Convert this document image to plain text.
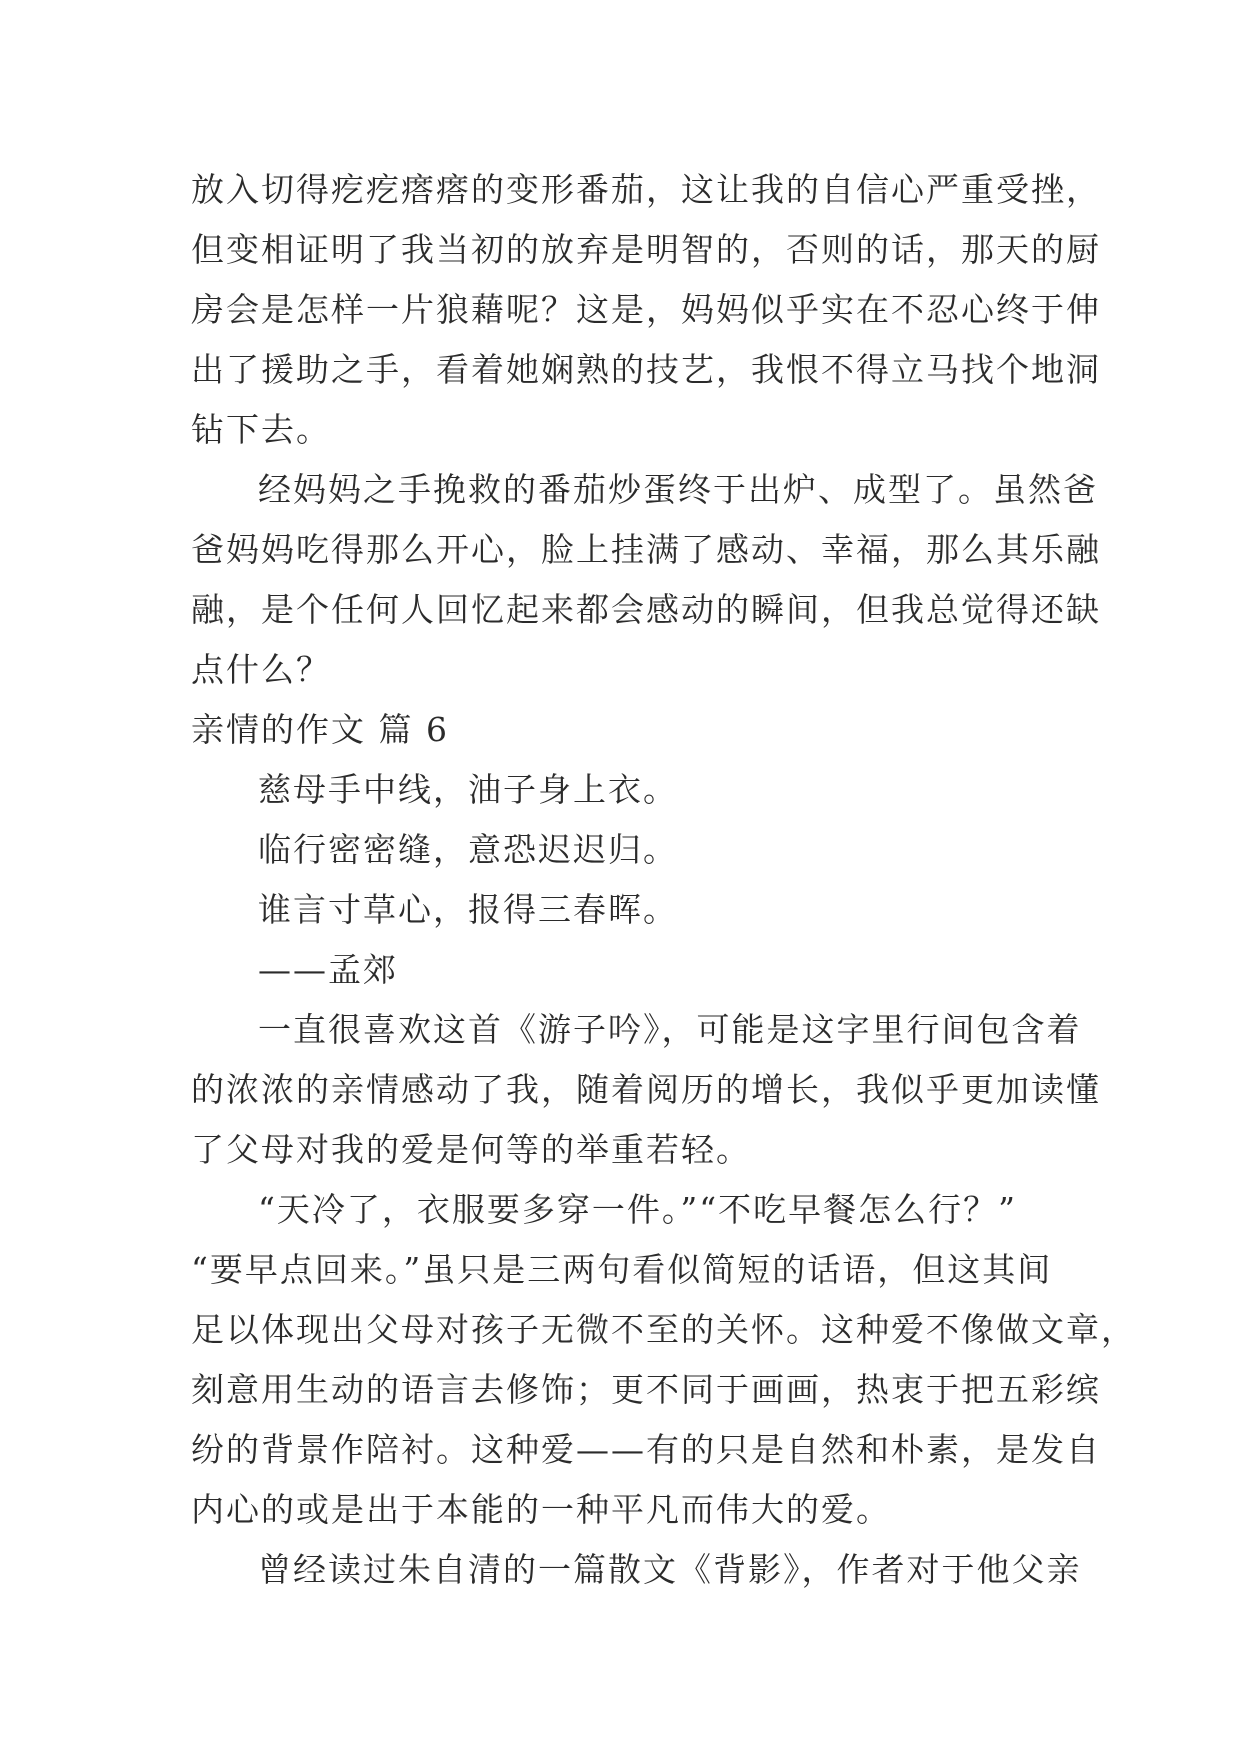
放入切得疙疙瘩瘩的变形番茄，这让我的自信心严重受挫，
但变相证明了我当初的放弃是明智的，否则的话，那天的厨
房会是怎样一片狼藉呢？这是，妈妈似乎实在不忍心终于伸
出了援助之手，看着她娴熟的技艺，我恨不得立马找个地洞
钻下去。
经妈妈之手挽救的番茄炒蛋终于出炉、成型了。虽然爸
爸妈妈吃得那么开心，脸上挂满了感动、幸福，那么其乐融
融，是个任何人回忆起来都会感动的瞬间，但我总觉得还缺
点什么？
亲情的作文 篇 6
慈母手中线，油子身上衣。
临行密密缝，意恐迟迟归。
谁言寸草心，报得三春晖。
——孟郊
一直很喜欢这首《游子吟》，可能是这字里行间包含着
的浓浓的亲情感动了我，随着阅历的增长，我似乎更加读懂
了父母对我的爱是何等的举重若轻。
“天冷了，衣服要多穿一件。”“不吃早餐怎么行？”
“要早点回来。”虽只是三两句看似简短的话语，但这其间
足以体现出父母对孩子无微不至的关怀。这种爱不像做文章，
刻意用生动的语言去修饰；更不同于画画，热衷于把五彩缤
纷的背景作陪衬。这种爱——有的只是自然和朴素，是发自
内心的或是出于本能的一种平凡而伟大的爱。
曾经读过朱自清的一篇散文《背影》，作者对于他父亲
